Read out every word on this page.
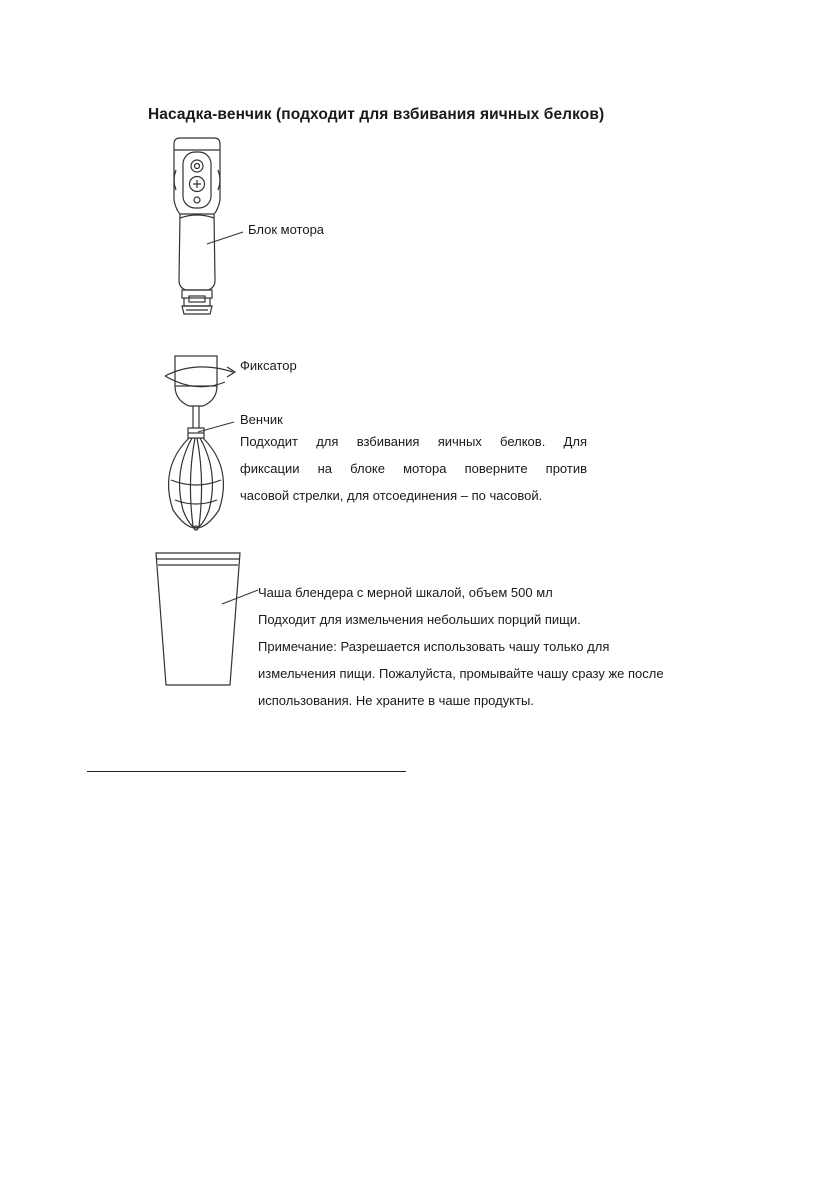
Насадка-венчик (подходит для взбивания яичных белков)
Блок мотора
Фиксатор
Венчик
Подходит для взбивания яичных белков. Для
фиксации на блоке мотора поверните против
часовой стрелки, для отсоединения – по часовой.
Чаша блендера с мерной шкалой, объем 500 мл
Подходит для измельчения небольших порций пищи.
Примечание: Разрешается использовать чашу только для
измельчения пищи. Пожалуйста, промывайте чашу сразу же после
использования. Не храните в чаше продукты.
